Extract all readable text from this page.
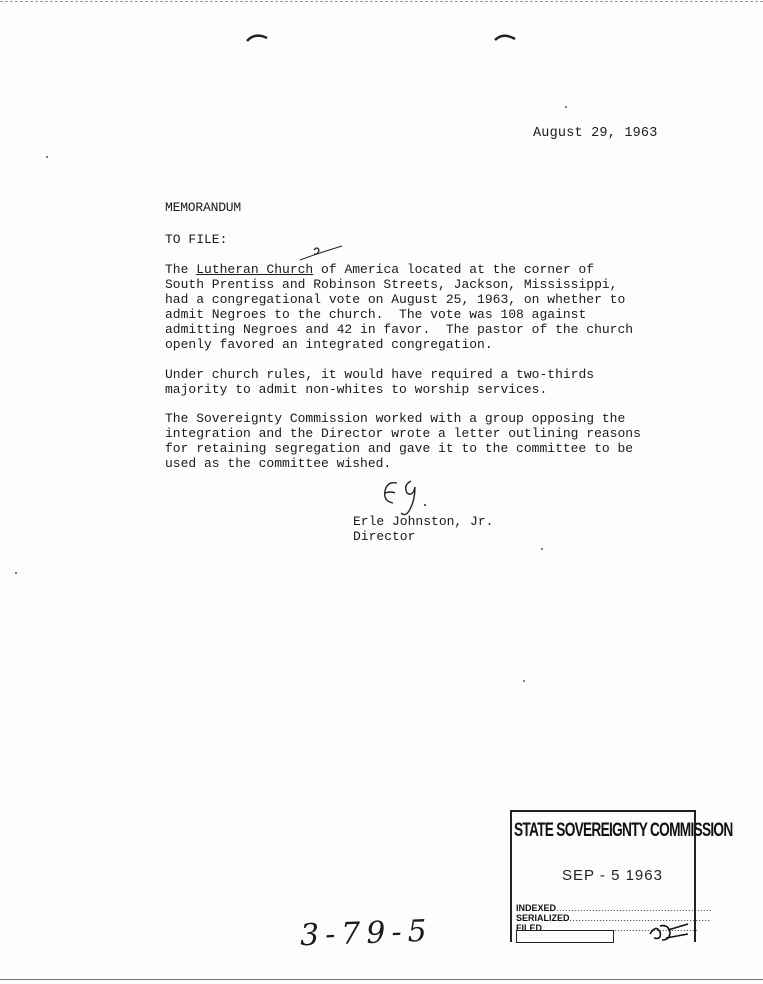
August 29, 1963
MEMORANDUM
TO FILE:
The Lutheran Church of America located at the corner of
South Prentiss and Robinson Streets, Jackson, Mississippi,
had a congregational vote on August 25, 1963, on whether to
admit Negroes to the church.  The vote was 108 against
admitting Negroes and 42 in favor.  The pastor of the church
openly favored an integrated congregation.
Under church rules, it would have required a two-thirds
majority to admit non-whites to worship services.
The Sovereignty Commission worked with a group opposing the
integration and the Director wrote a letter outlining reasons
for retaining segregation and gave it to the committee to be
used as the committee wished.
Erle Johnston, Jr.
Director
STATE SOVEREIGNTY COMMISSION
SEP - 5 1963
INDEXED....................................................
SERIALIZED...............................................
FILED....................................................
3-79-5
